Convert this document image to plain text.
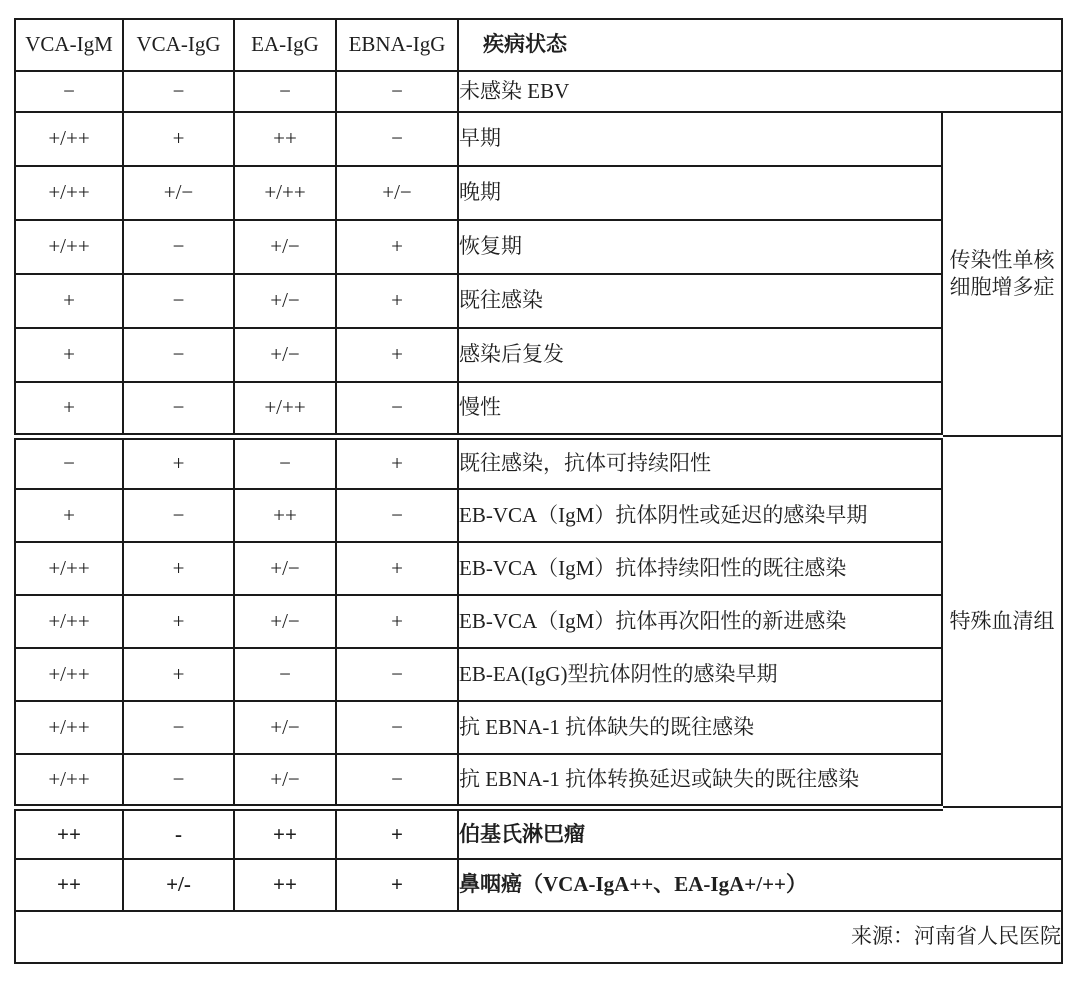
VCA-IgM	VCA-IgG	EA-IgG	EBNA-IgG	疾病状态	
−	−	−	−	未感染 EBV	
+/++	+	++	−	早期	传染性单核细胞增多症
+/++	+/−	+/++	+/−	晚期	
+/++	−	+/−	+	恢复期	
+	−	+/−	+	既往感染	
+	−	+/−	+	感染后复发	
+	−	+/++	−	慢性	
−	+	−	+	既往感染，抗体可持续阳性	特殊血清组
+	−	++	−	EB-VCA（IgM）抗体阴性或延迟的感染早期	
+/++	+	+/−	+	EB-VCA（IgM）抗体持续阳性的既往感染	
+/++	+	+/−	+	EB-VCA（IgM）抗体再次阳性的新进感染	
+/++	+	−	−	EB-EA(IgG)型抗体阴性的感染早期	
+/++	−	+/−	−	抗 EBNA-1 抗体缺失的既往感染	
+/++	−	+/−	−	抗 EBNA-1 抗体转换延迟或缺失的既往感染	
++	-	++	+	伯基氏淋巴瘤	
++	+/-	++	+	鼻咽癌（VCA-IgA++、EA-IgA+/++）	
来源：河南省人民医院					
